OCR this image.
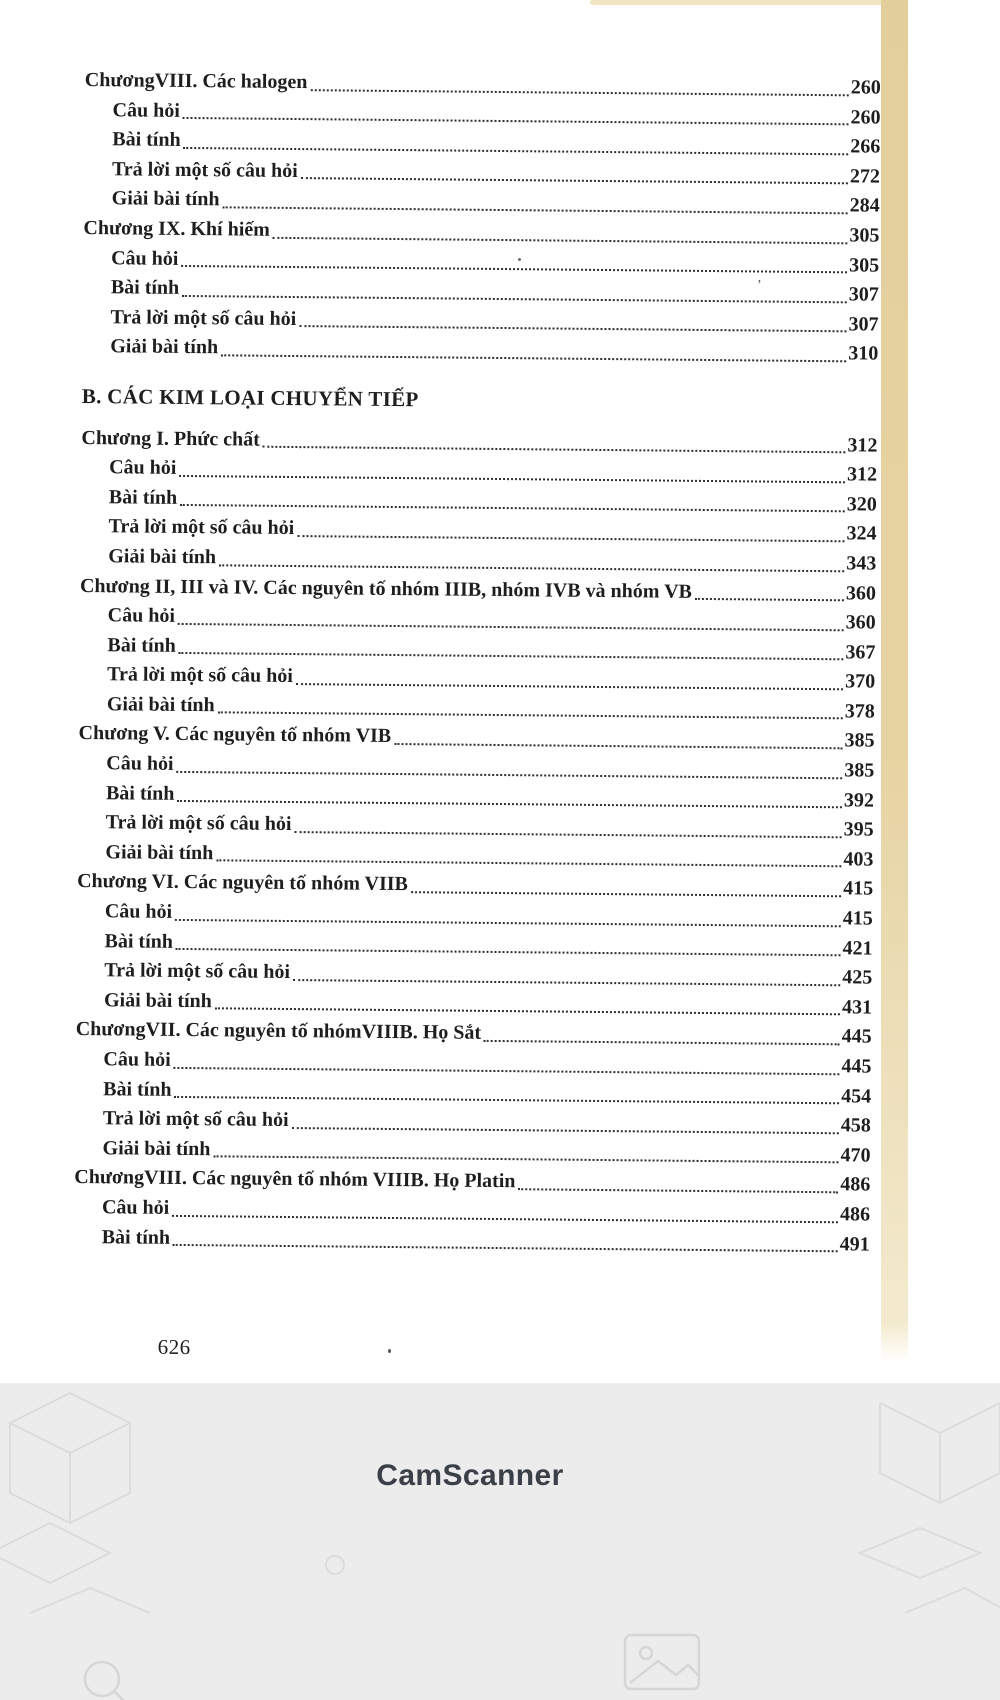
ChươngVIII. Các halogen	260
Câu hỏi	260
Bài tính	266
Trả lời một số câu hỏi	272
Giải bài tính	284
Chương IX. Khí hiếm	305
Câu hỏi	305
Bài tính	307
Trả lời một số câu hỏi	307
Giải bài tính	310
B. CÁC KIM LOẠI CHUYỂN TIẾP
Chương I. Phức chất	312
Câu hỏi	312
Bài tính	320
Trả lời một số câu hỏi	324
Giải bài tính	343
Chương II, III và IV. Các nguyên tố nhóm IIIB, nhóm IVB và nhóm VB	360
Câu hỏi	360
Bài tính	367
Trả lời một số câu hỏi	370
Giải bài tính	378
Chương V. Các nguyên tố nhóm VIB	385
Câu hỏi	385
Bài tính	392
Trả lời một số câu hỏi	395
Giải bài tính	403
Chương VI. Các nguyên tố nhóm VIIB	415
Câu hỏi	415
Bài tính	421
Trả lời một số câu hỏi	425
Giải bài tính	431
ChươngVII. Các nguyên tố nhómVIIIB. Họ Sắt	445
Câu hỏi	445
Bài tính	454
Trả lời một số câu hỏi	458
Giải bài tính	470
ChươngVIII. Các nguyên tố nhóm VIIIB. Họ Platin	486
Câu hỏi	486
Bài tính	491
626
’
CamScanner
